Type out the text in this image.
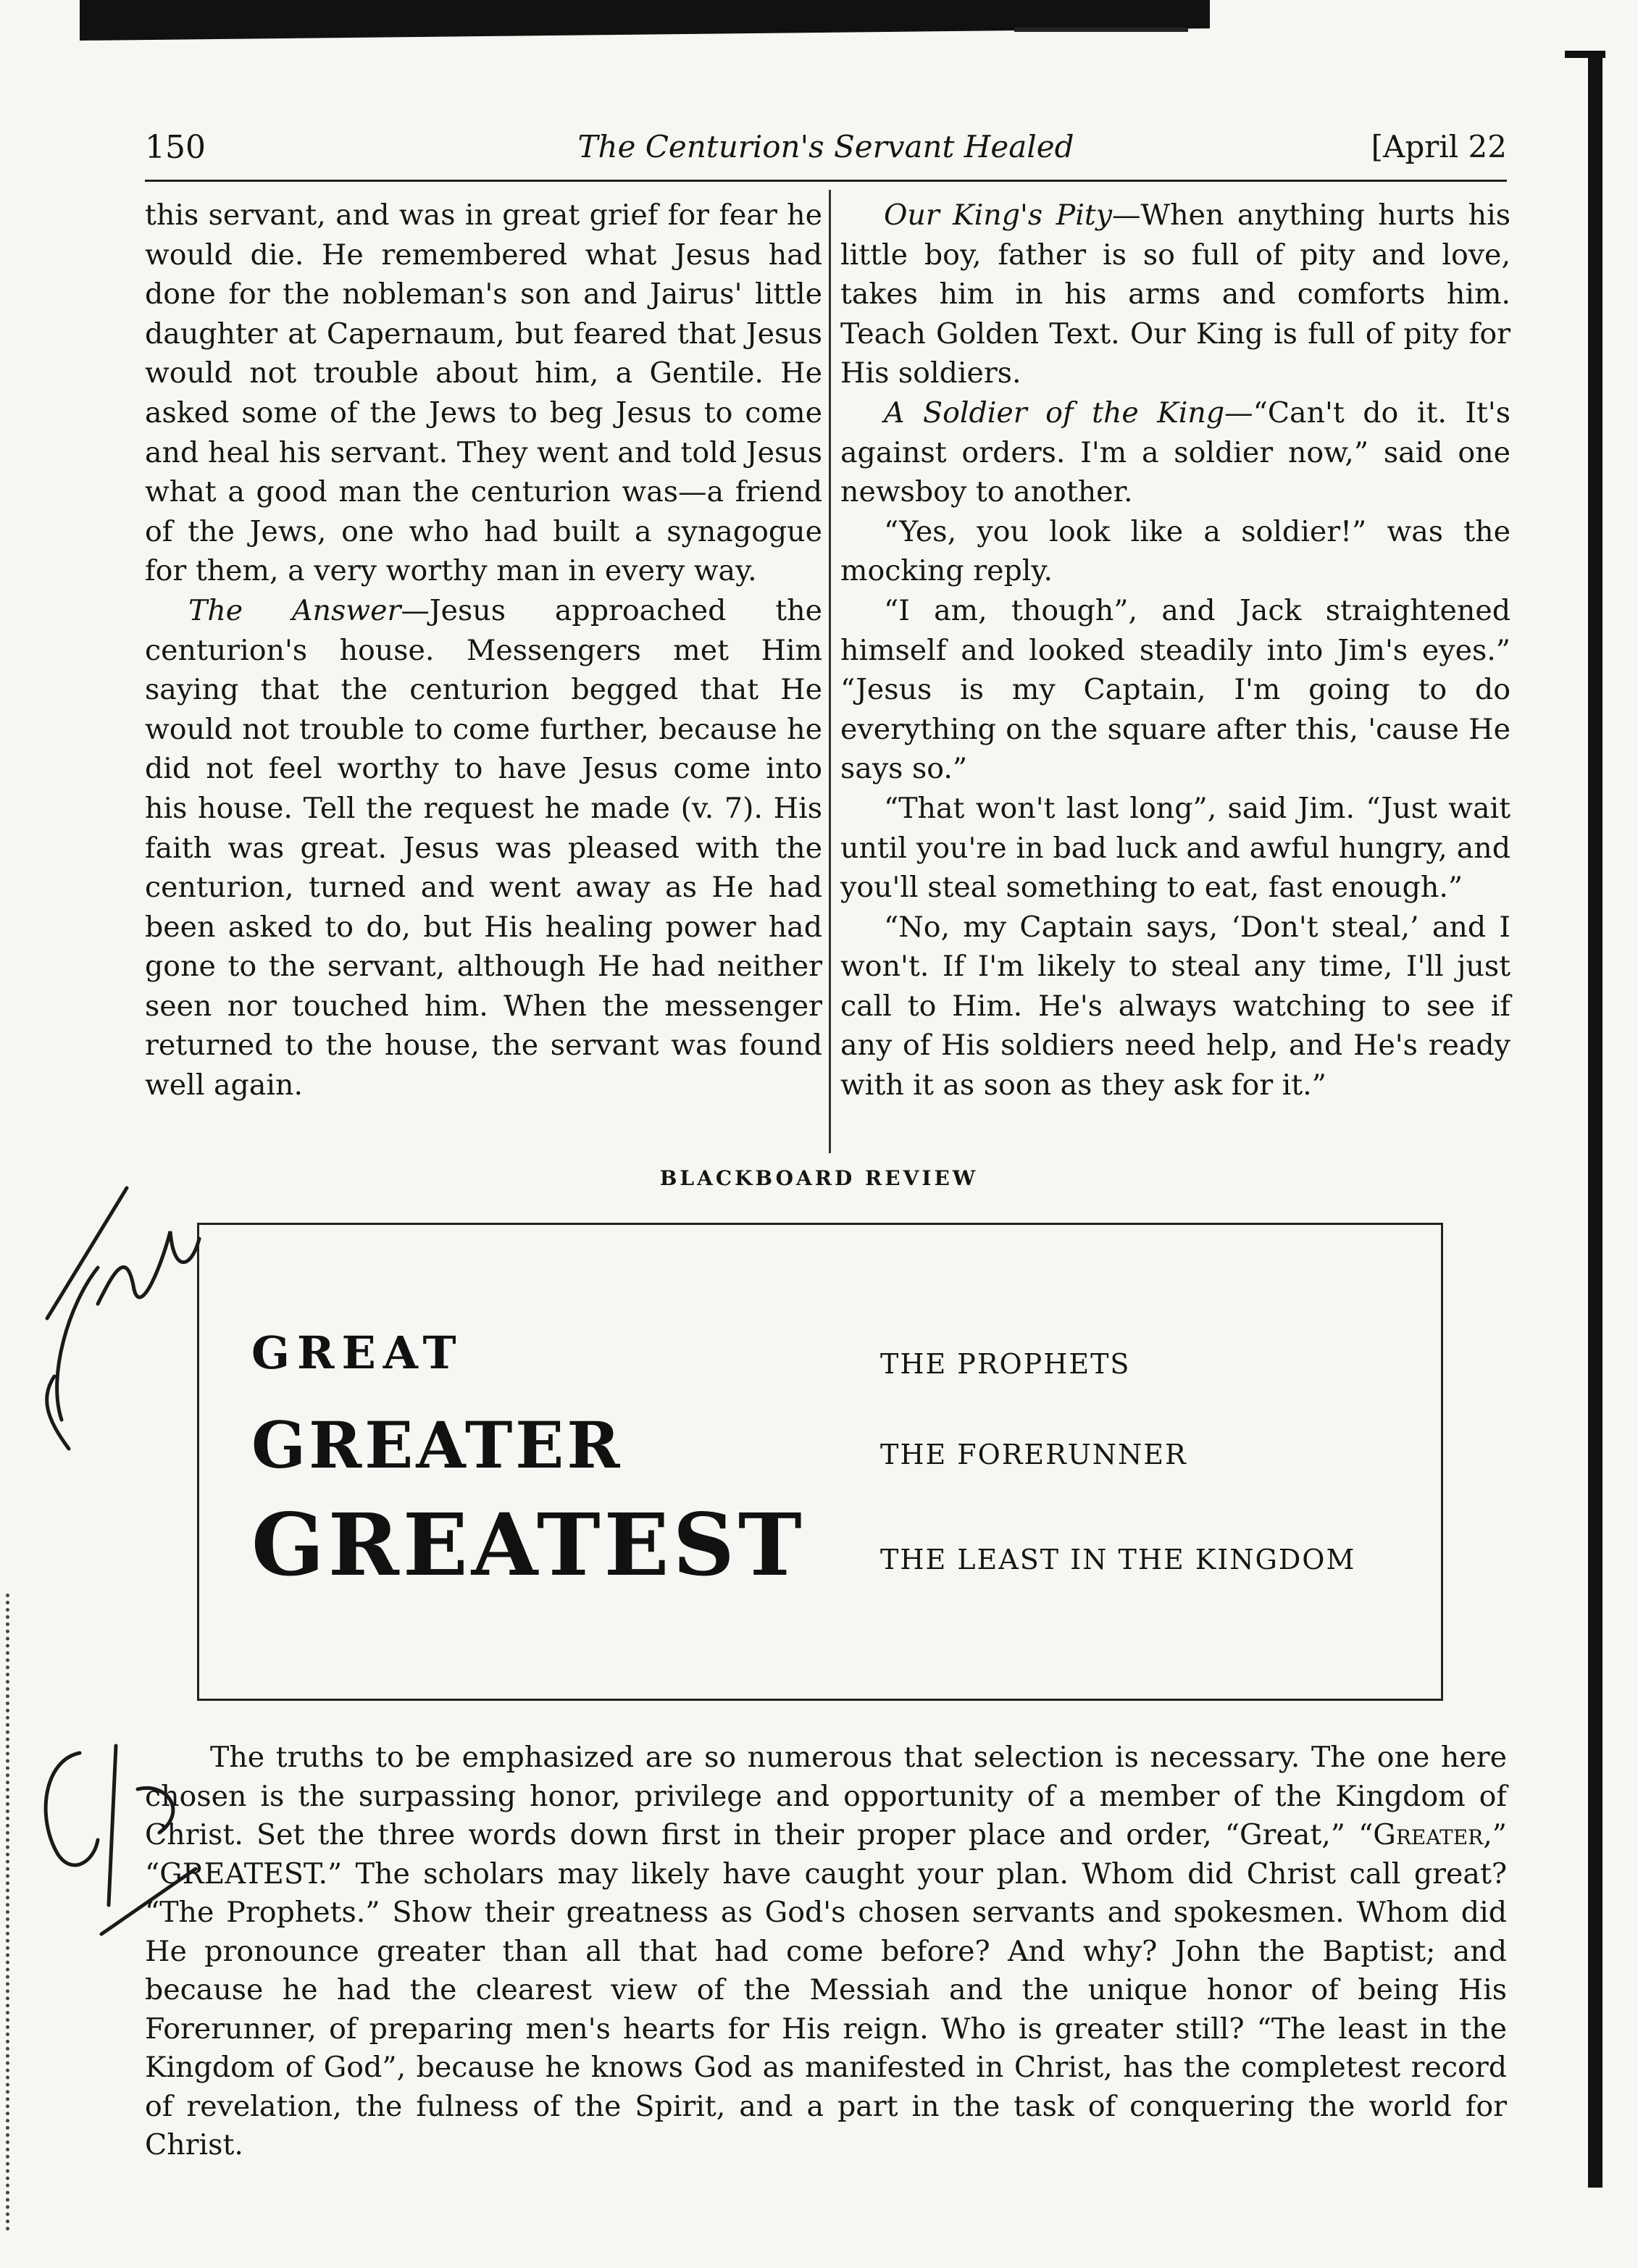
150	The Centurion's Servant Healed	[April 22

this servant, and was in great grief for fear he would die. He remembered what Jesus had done for the nobleman's son and Jairus' little daughter at Capernaum, but feared that Jesus would not trouble about him, a Gentile. He asked some of the Jews to beg Jesus to come and heal his servant. They went and told Jesus what a good man the centurion was—a friend of the Jews, one who had built a synagogue for them, a very worthy man in every way.

The Answer—Jesus approached the centurion's house. Messengers met Him saying that the centurion begged that He would not trouble to come further, because he did not feel worthy to have Jesus come into his house. Tell the request he made (v. 7). His faith was great. Jesus was pleased with the centurion, turned and went away as He had been asked to do, but His healing power had gone to the servant, although He had neither seen nor touched him. When the messenger returned to the house, the servant was found well again.

Our King's Pity—When anything hurts his little boy, father is so full of pity and love, takes him in his arms and comforts him. Teach Golden Text. Our King is full of pity for His soldiers.

A Soldier of the King—“Can't do it. It's against orders. I'm a soldier now,” said one newsboy to another.

“Yes, you look like a soldier!” was the mocking reply.

“I am, though”, and Jack straightened himself and looked steadily into Jim's eyes.” “Jesus is my Captain, I'm going to do everything on the square after this, 'cause He says so.”

“That won't last long”, said Jim. “Just wait until you're in bad luck and awful hungry, and you'll steal something to eat, fast enough.”

“No, my Captain says, ‘Don't steal,’ and I won't. If I'm likely to steal any time, I'll just call to Him. He's always watching to see if any of His soldiers need help, and He's ready with it as soon as they ask for it.”

BLACKBOARD REVIEW
GREAT
GREATER
GREATEST
THE PROPHETS
THE FORERUNNER
THE LEAST IN THE KINGDOM

The truths to be emphasized are so numerous that selection is necessary. The one here chosen is the surpassing honor, privilege and opportunity of a member of the Kingdom of Christ. Set the three words down first in their proper place and order, “Great,” “Greater,” “GREATEST.” The scholars may likely have caught your plan. Whom did Christ call great? “The Prophets.” Show their greatness as God's chosen servants and spokesmen. Whom did He pronounce greater than all that had come before? And why? John the Baptist; and because he had the clearest view of the Messiah and the unique honor of being His Forerunner, of preparing men's hearts for His reign. Who is greater still? “The least in the Kingdom of God”, because he knows God as manifested in Christ, has the completest record of revelation, the fulness of the Spirit, and a part in the task of conquering the world for Christ.
